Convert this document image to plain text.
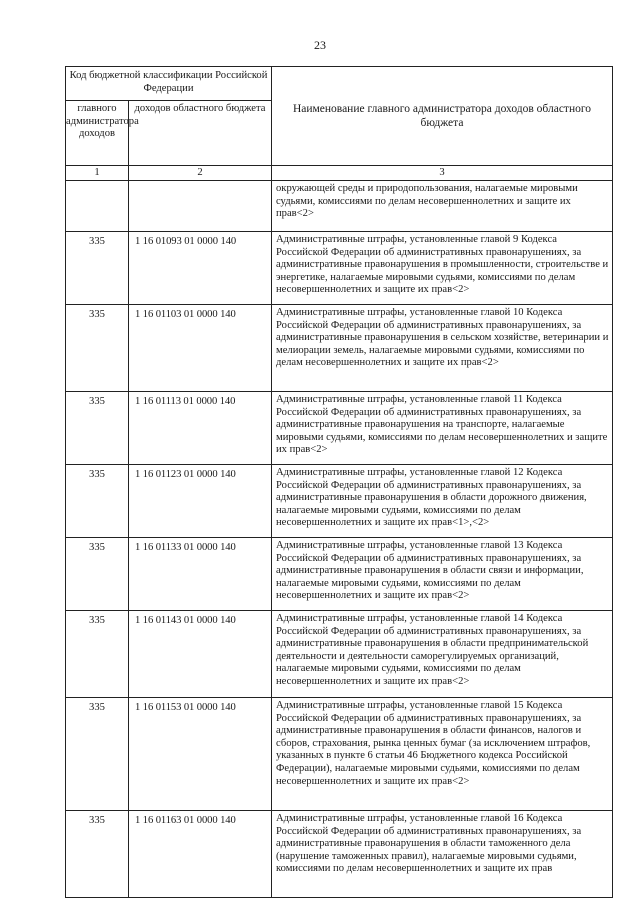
23
Код бюджетной классификации Российской Федерации		Наименование главного администратора доходов областного бюджета
главного администратора доходов	доходов областного бюджета	
1	2	3
		окружающей среды и природопользования, налагаемые мировыми судьями, комиссиями по делам несовершеннолетних и защите их прав<2>
335	1 16 01093 01 0000 140	Административные штрафы, установленные главой 9 Кодекса Российской Федерации об административных правонарушениях, за административные правонарушения в промышленности, строительстве и энергетике, налагаемые мировыми судьями, комиссиями по делам несовершеннолетних и защите их прав<2>
335	1 16 01103 01 0000 140	Административные штрафы, установленные главой 10 Кодекса Российской Федерации об административных правонарушениях, за административные правонарушения в сельском хозяйстве, ветеринарии и мелиорации земель, налагаемые мировыми судьями, комиссиями по делам несовершеннолетних и защите их прав<2>
335	1 16 01113 01 0000 140	Административные штрафы, установленные главой 11 Кодекса Российской Федерации об административных правонарушениях, за административные правонарушения на транспорте, налагаемые мировыми судьями, комиссиями по делам несовершеннолетних и защите их прав<2>
335	1 16 01123 01 0000 140	Административные штрафы, установленные главой 12 Кодекса Российской Федерации об административных правонарушениях, за административные правонарушения в области дорожного движения, налагаемые мировыми судьями, комиссиями по делам несовершеннолетних и защите их прав<1>,<2>
335	1 16 01133 01 0000 140	Административные штрафы, установленные главой 13 Кодекса Российской Федерации об административных правонарушениях, за административные правонарушения в области связи и информации, налагаемые мировыми судьями, комиссиями по делам несовершеннолетних и защите их прав<2>
335	1 16 01143 01 0000 140	Административные штрафы, установленные главой 14 Кодекса Российской Федерации об административных правонарушениях, за административные правонарушения в области предпринимательской деятельности и деятельности саморегулируемых организаций, налагаемые мировыми судьями, комиссиями по делам несовершеннолетних и защите их прав<2>
335	1 16 01153 01 0000 140	Административные штрафы, установленные главой 15 Кодекса Российской Федерации об административных правонарушениях, за административные правонарушения в области финансов, налогов и сборов, страхования, рынка ценных бумаг (за исключением штрафов, указанных в пункте 6 статьи 46 Бюджетного кодекса Российской Федерации), налагаемые мировыми судьями, комиссиями по делам несовершеннолетних и защите их прав<2>
335	1 16 01163 01 0000 140	Административные штрафы, установленные главой 16 Кодекса Российской Федерации об административных правонарушениях, за административные правонарушения в области таможенного дела (нарушение таможенных правил), налагаемые мировыми судьями, комиссиями по делам несовершеннолетних и защите их прав
